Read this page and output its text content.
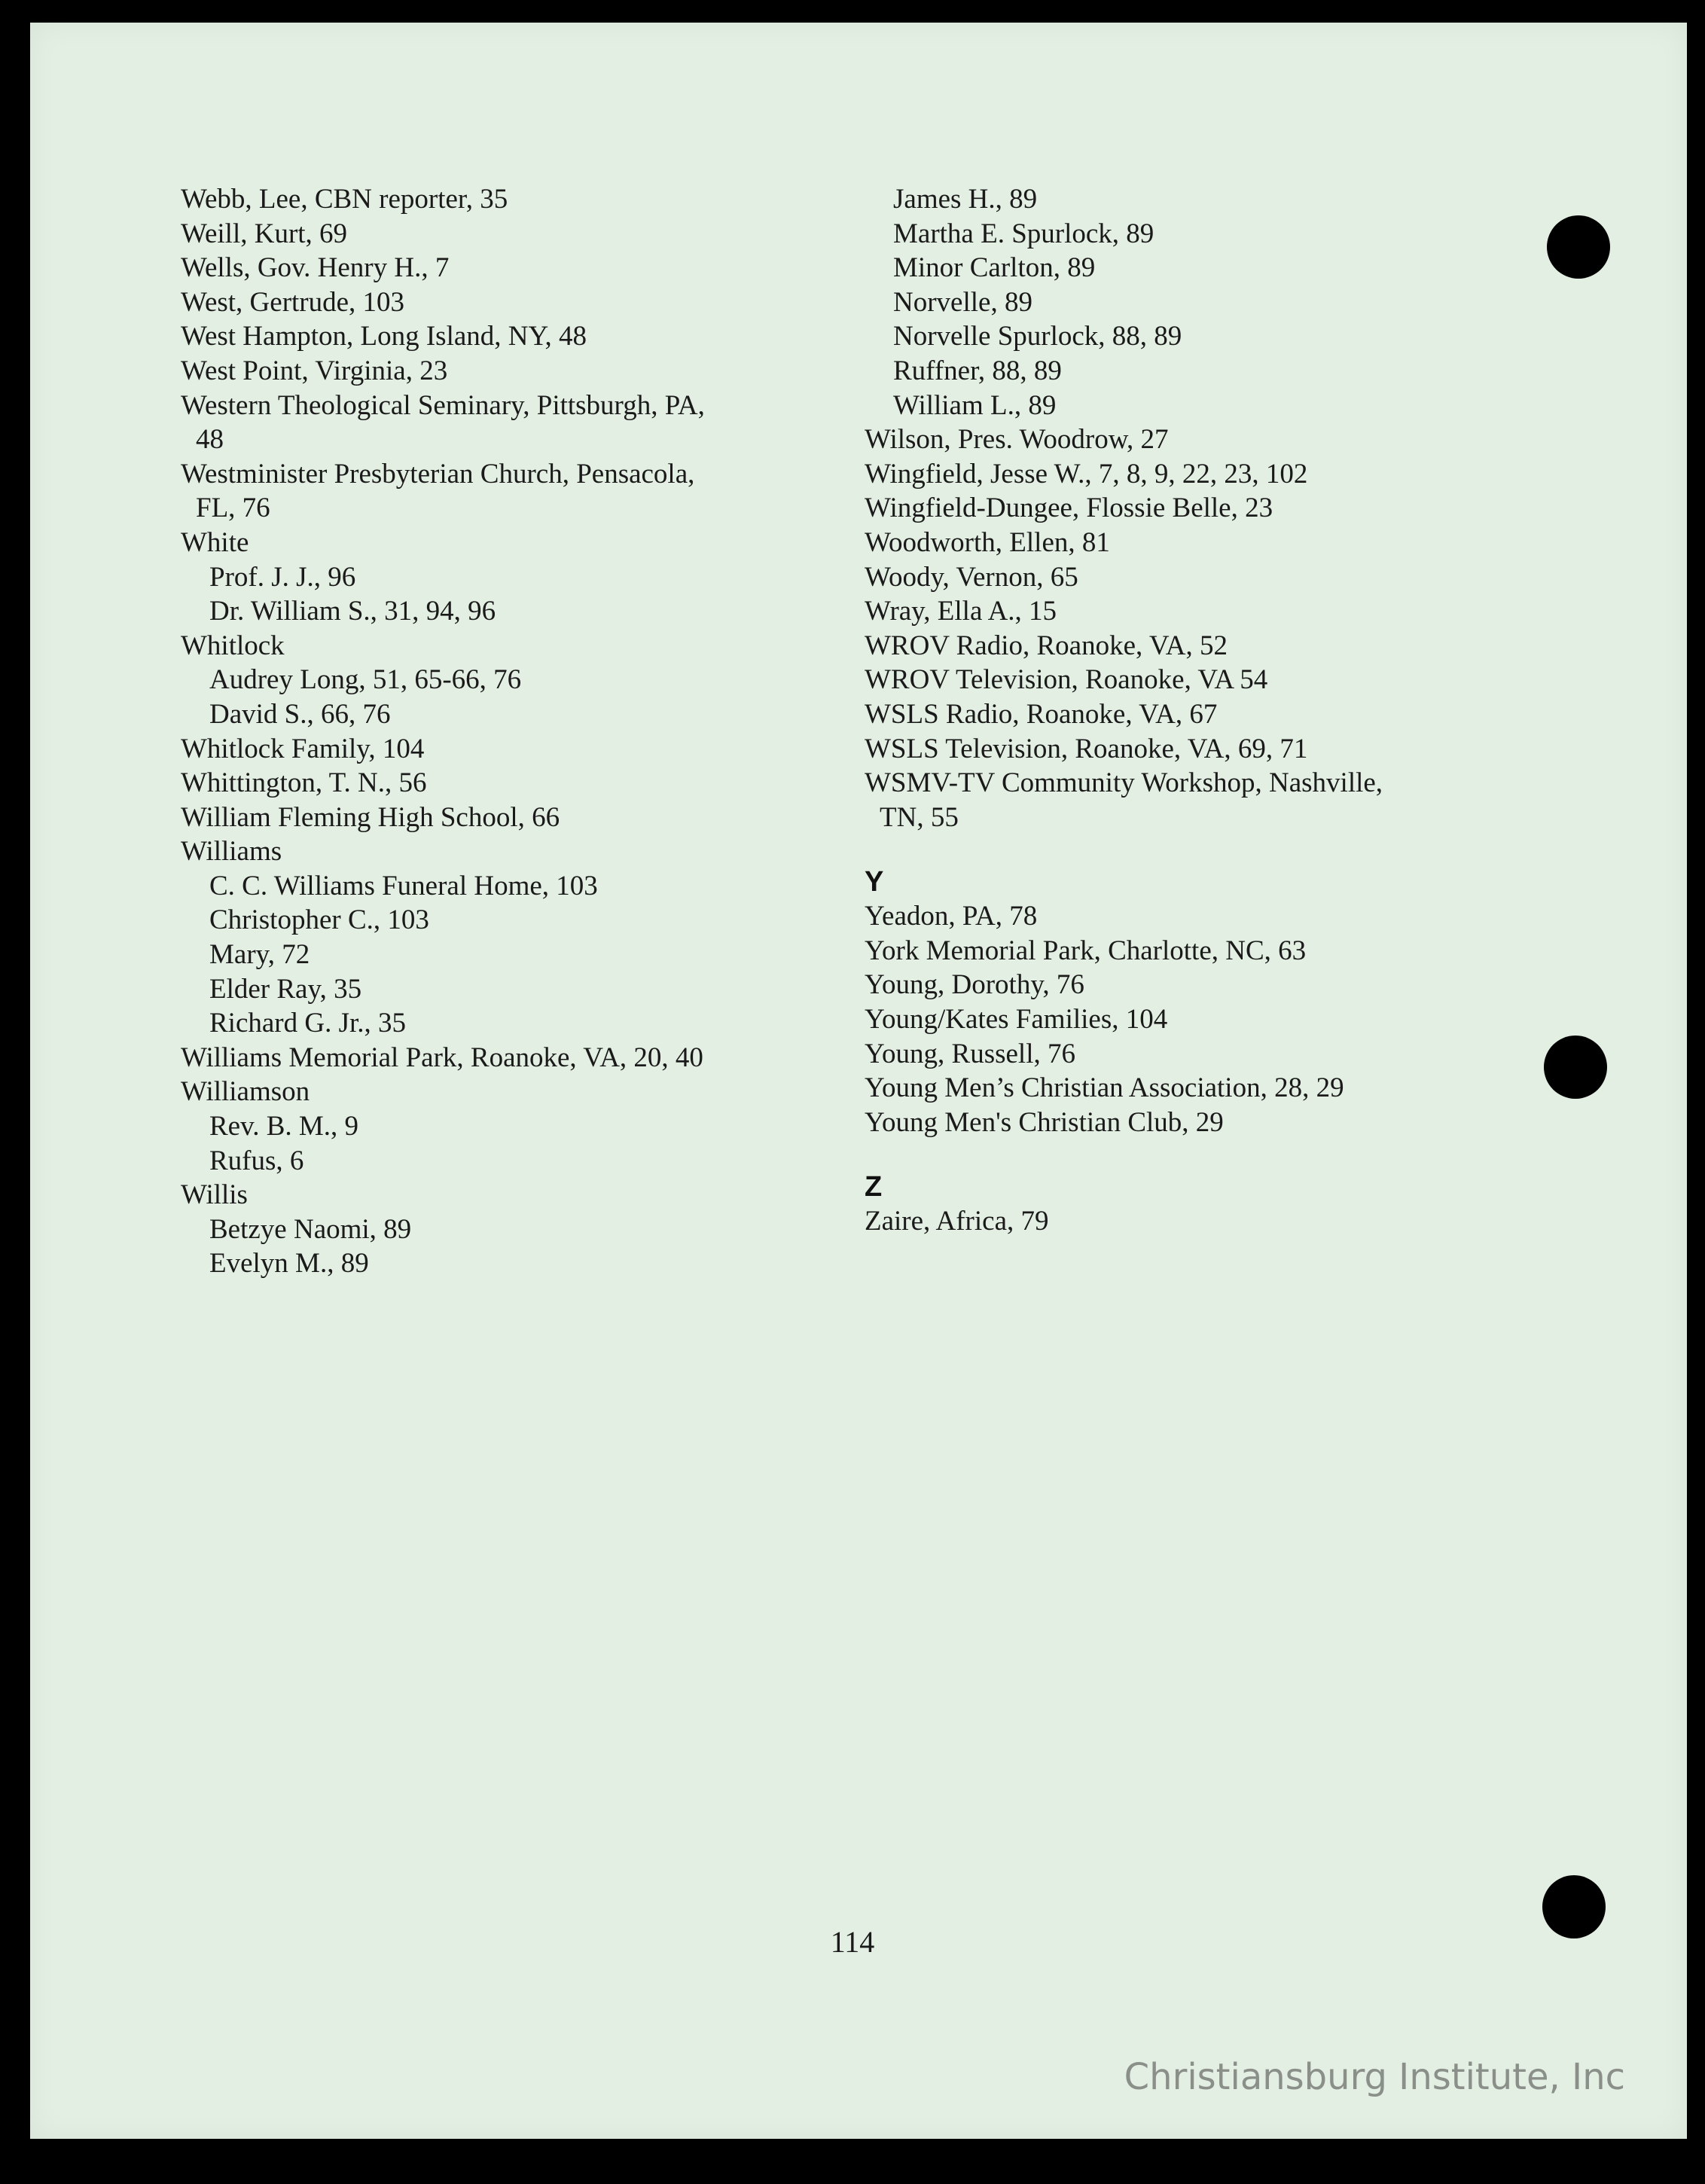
Webb, Lee, CBN reporter, 35
Weill, Kurt, 69
Wells, Gov. Henry H., 7
West, Gertrude, 103
West Hampton, Long Island, NY, 48
West Point, Virginia, 23
Western Theological Seminary, Pittsburgh, PA,
48
Westminister Presbyterian Church, Pensacola,
FL, 76
White
Prof. J. J., 96
Dr. William S., 31, 94, 96
Whitlock
Audrey Long, 51, 65-66, 76
David S., 66, 76
Whitlock Family, 104
Whittington, T. N., 56
William Fleming High School, 66
Williams
C. C. Williams Funeral Home, 103
Christopher C., 103
Mary, 72
Elder Ray, 35
Richard G. Jr., 35
Williams Memorial Park, Roanoke, VA, 20, 40
Williamson
Rev. B. M., 9
Rufus, 6
Willis
Betzye Naomi, 89
Evelyn M., 89
James H., 89
Martha E. Spurlock, 89
Minor Carlton, 89
Norvelle, 89
Norvelle Spurlock, 88, 89
Ruffner, 88, 89
William L., 89
Wilson, Pres. Woodrow, 27
Wingfield, Jesse W., 7, 8, 9, 22, 23, 102
Wingfield-Dungee, Flossie Belle, 23
Woodworth, Ellen, 81
Woody, Vernon, 65
Wray, Ella A., 15
WROV Radio, Roanoke, VA, 52
WROV Television, Roanoke, VA 54
WSLS Radio, Roanoke, VA, 67
WSLS Television, Roanoke, VA, 69, 71
WSMV-TV Community Workshop, Nashville,
TN, 55
Y
Yeadon, PA, 78
York Memorial Park, Charlotte, NC, 63
Young, Dorothy, 76
Young/Kates Families, 104
Young, Russell, 76
Young Men’s Christian Association, 28, 29
Young Men's Christian Club, 29
Z
Zaire, Africa, 79
114
Christiansburg Institute, Inc
